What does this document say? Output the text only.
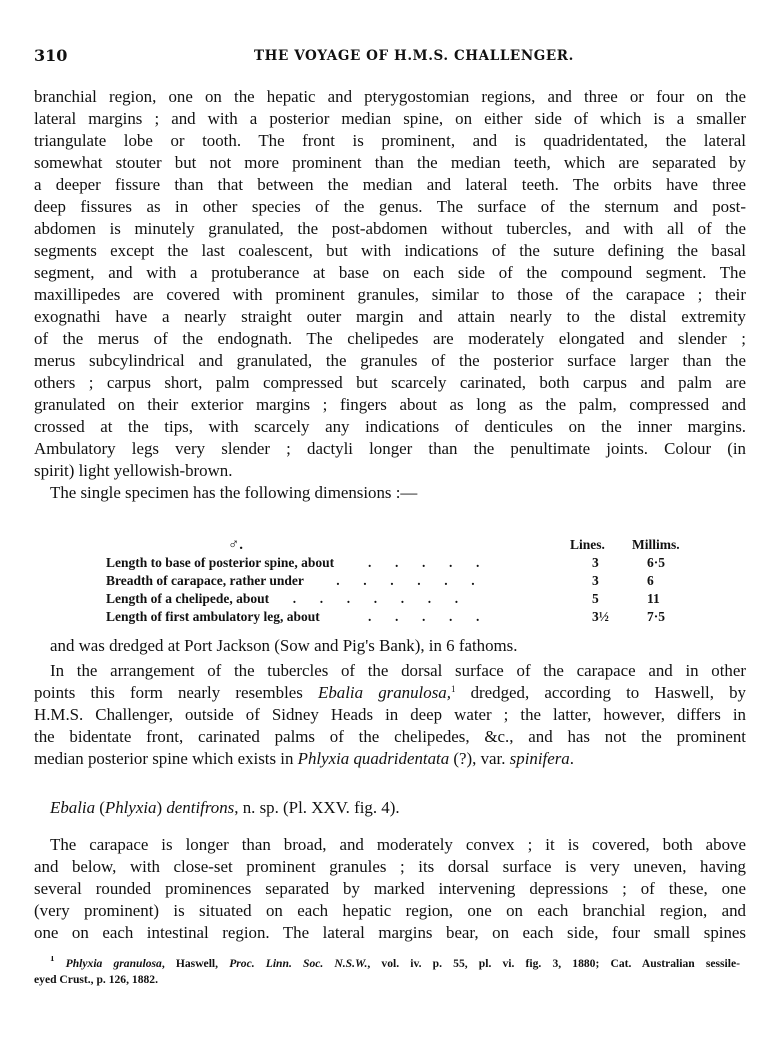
310	THE VOYAGE OF H.M.S. CHALLENGER.
branchial region, one on the hepatic and pterygostomian regions, and three or four on the
lateral margins ; and with a posterior median spine, on either side of which is a smaller
triangulate lobe or tooth. The front is prominent, and is quadridentated, the lateral
somewhat stouter but not more prominent than the median teeth, which are separated by
a deeper fissure than that between the median and lateral teeth. The orbits have three
deep fissures as in other species of the genus. The surface of the sternum and post-
abdomen is minutely granulated, the post-abdomen without tubercles, and with all of the
segments except the last coalescent, but with indications of the suture defining the basal
segment, and with a protuberance at base on each side of the compound segment. The
maxillipedes are covered with prominent granules, similar to those of the carapace ; their
exognathi have a nearly straight outer margin and attain nearly to the distal extremity
of the merus of the endognath. The chelipedes are moderately elongated and slender ;
merus subcylindrical and granulated, the granules of the posterior surface larger than the
others ; carpus short, palm compressed but scarcely carinated, both carpus and palm are
granulated on their exterior margins ; fingers about as long as the palm, compressed and
crossed at the tips, with scarcely any indications of denticules on the inner margins.
Ambulatory legs very slender ; dactyli longer than the penultimate joints. Colour (in
spirit) light yellowish-brown.
The single specimen has the following dimensions :—
♂.	Lines. Millims.
Length to base of posterior spine, about	.       .       .       .       .	3	6·5
Breadth of carapace, rather under .       .       .       .       .       .	3	6
Length of a chelipede, about .       .       .       .       .       .       .	5	11
Length of first ambulatory leg, about	.       .       .       .       .	3½	7·5
and was dredged at Port Jackson (Sow and Pig's Bank), in 6 fathoms.
In the arrangement of the tubercles of the dorsal surface of the carapace and in other
points this form nearly resembles Ebalia granulosa,$^1$ dredged, according to Haswell, by
H.M.S. Challenger, outside of Sidney Heads in deep water ; the latter, however, differs in
the bidentate front, carinated palms of the chelipedes, &c., and has not the prominent
median posterior spine which exists in Phlyxia quadridentata (?), var. spinifera.
Ebalia (Phlyxia) dentifrons, n. sp. (Pl. XXV. fig. 4).
The carapace is longer than broad, and moderately convex ; it is covered, both above
and below, with close-set prominent granules ; its dorsal surface is very uneven, having
several rounded prominences separated by marked intervening depressions ; of these, one
(very prominent) is situated on each hepatic region, one on each branchial region, and
one on each intestinal region. The lateral margins bear, on each side, four small spines
$^1$ Phlyxia granulosa, Haswell, Proc. Linn. Soc. N.S.W., vol. iv. p. 55, pl. vi. fig. 3, 1880; Cat. Australian sessile-
eyed Crust., p. 126, 1882.
